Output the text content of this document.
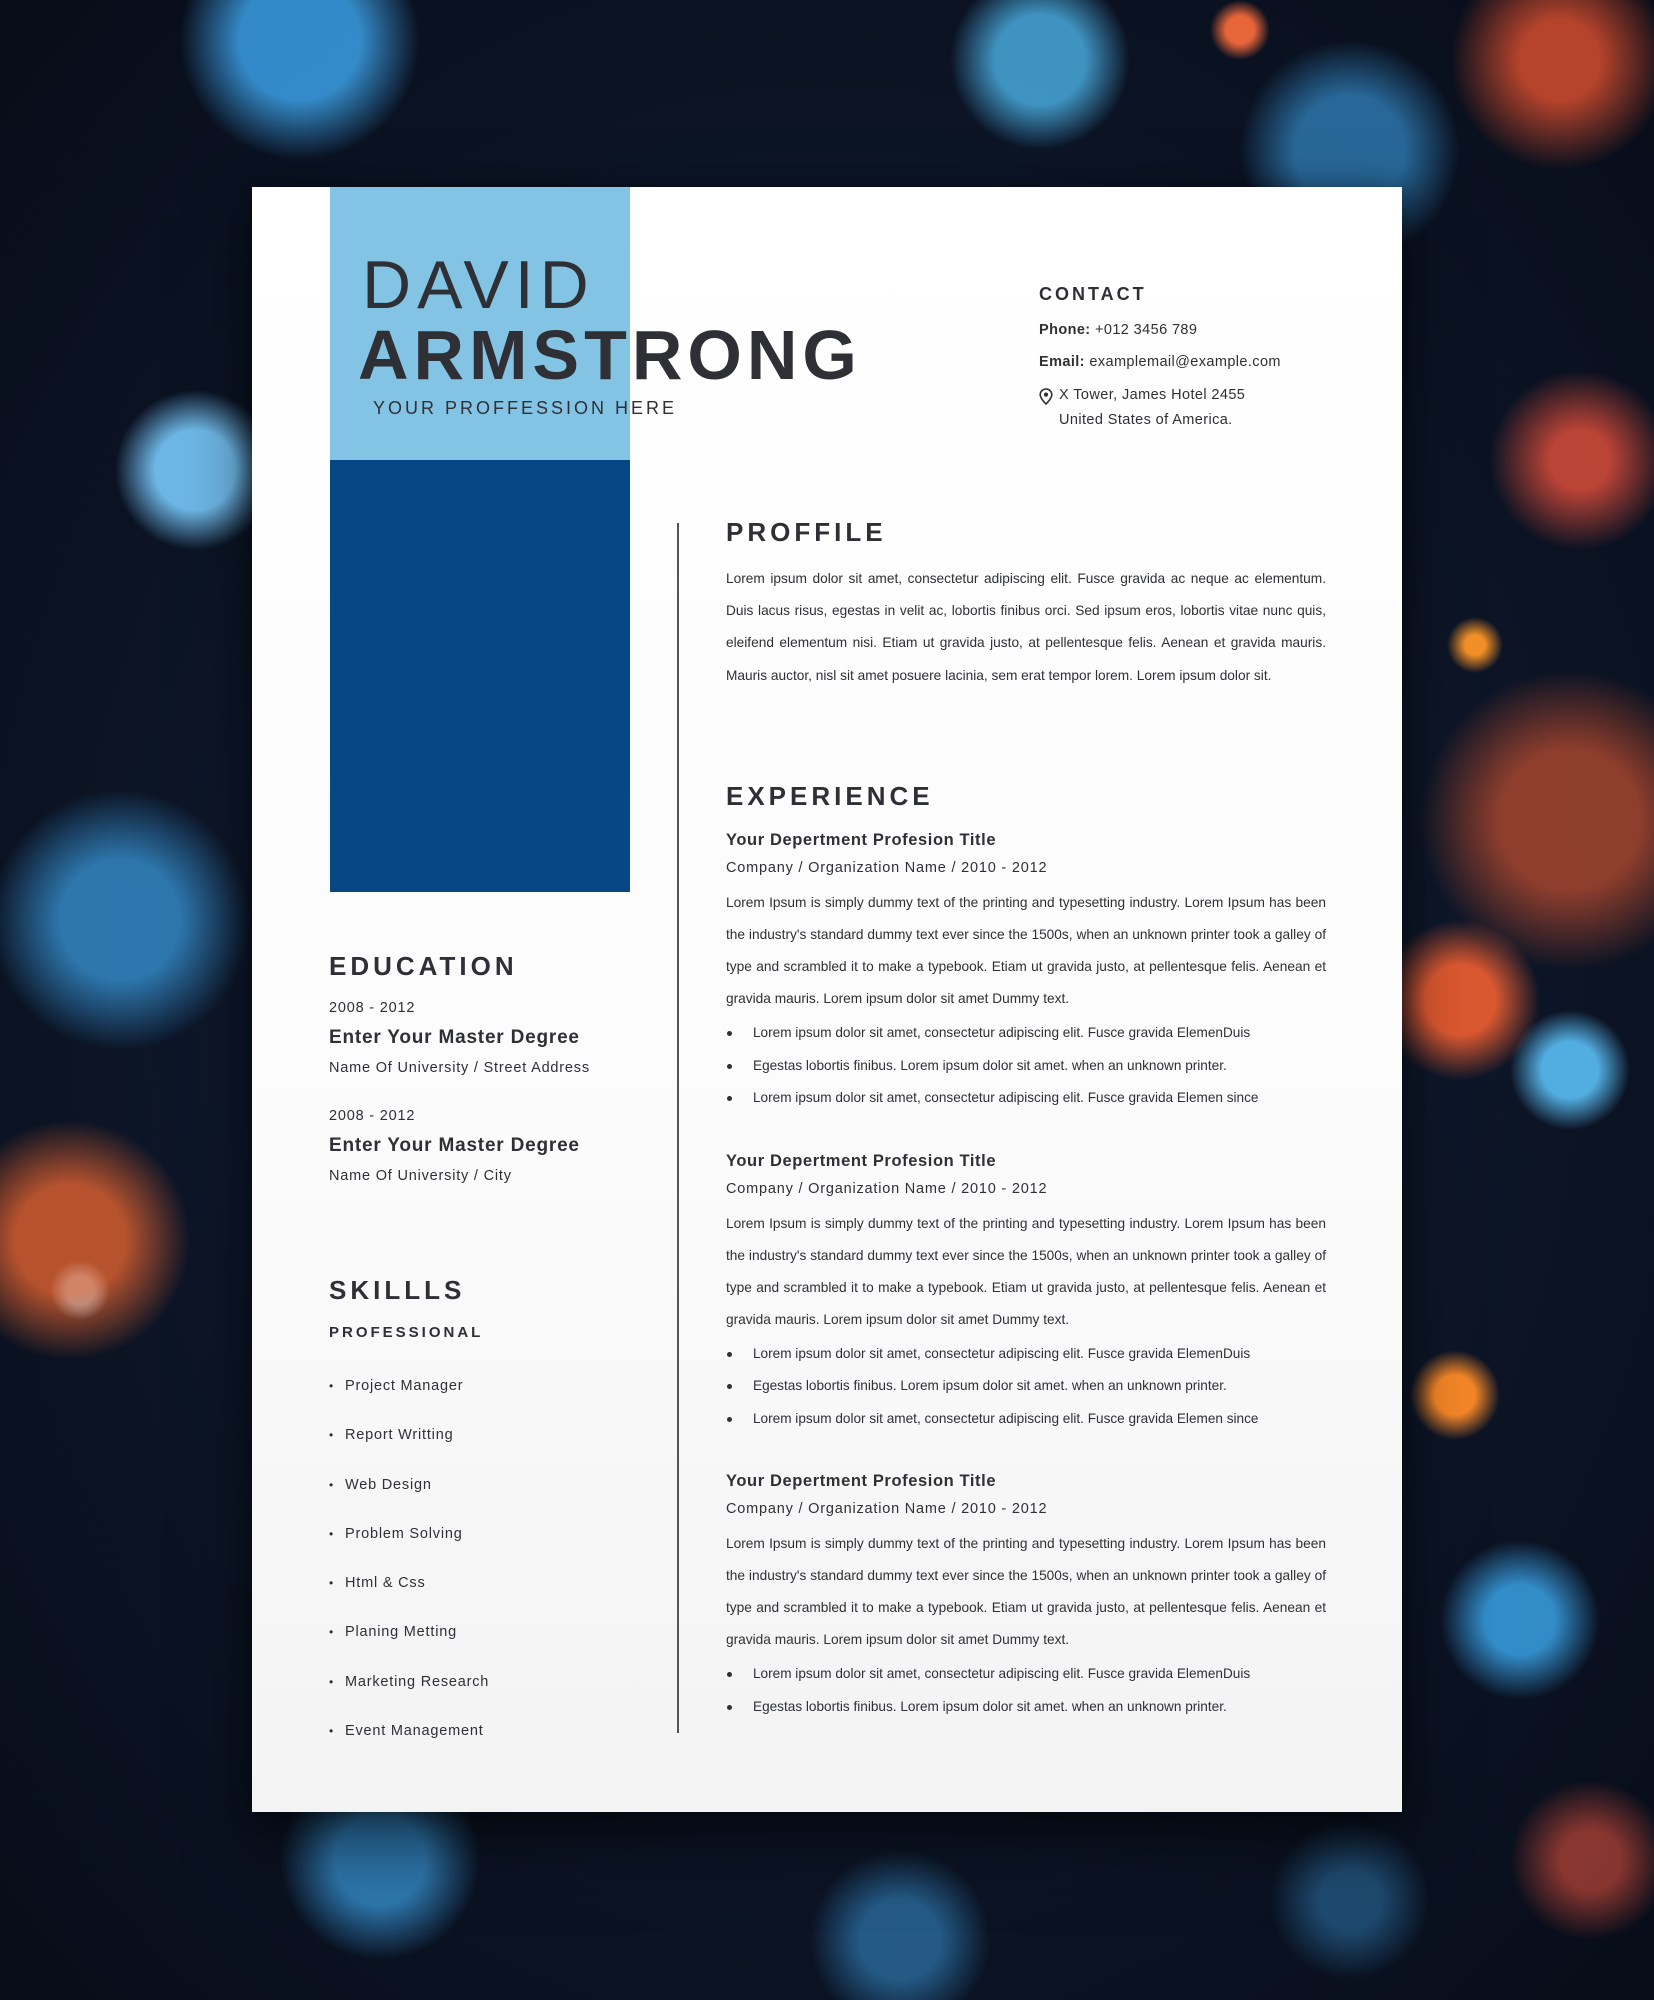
DAVID
ARMSTRONG
YOUR PROFFESSION HERE
CONTACT
Phone: +012 3456 789
Email: examplemail@example.com
X Tower, James Hotel 2455
United States of America.
PROFFILE

Lorem ipsum dolor sit amet, consectetur adipiscing elit. Fusce gravida ac neque ac elementum. Duis lacus risus, egestas in velit ac, lobortis finibus orci. Sed ipsum eros, lobortis vitae nunc quis, eleifend elementum nisi. Etiam ut gravida justo, at pellentesque felis. Aenean et gravida mauris. Mauris auctor, nisl sit amet posuere lacinia, sem erat tempor lorem. Lorem ipsum dolor sit.

EXPERIENCE
Your Depertment Profesion Title
Company / Organization Name / 2010 - 2012

Lorem Ipsum is simply dummy text of the printing and typesetting industry. Lorem Ipsum has been the industry's standard dummy text ever since the 1500s, when an unknown printer took a galley of type and scrambled it to make a typebook. Etiam ut gravida justo, at pellentesque felis. Aenean et gravida mauris. Lorem ipsum dolor sit amet Dummy text.

Lorem ipsum dolor sit amet, consectetur adipiscing elit. Fusce gravida ElemenDuis
Egestas lobortis finibus. Lorem ipsum dolor sit amet. when an unknown printer.
Lorem ipsum dolor sit amet, consectetur adipiscing elit. Fusce gravida Elemen since
Your Depertment Profesion Title
Company / Organization Name / 2010 - 2012

Lorem Ipsum is simply dummy text of the printing and typesetting industry. Lorem Ipsum has been the industry's standard dummy text ever since the 1500s, when an unknown printer took a galley of type and scrambled it to make a typebook. Etiam ut gravida justo, at pellentesque felis. Aenean et gravida mauris. Lorem ipsum dolor sit amet Dummy text.

Lorem ipsum dolor sit amet, consectetur adipiscing elit. Fusce gravida ElemenDuis
Egestas lobortis finibus. Lorem ipsum dolor sit amet. when an unknown printer.
Lorem ipsum dolor sit amet, consectetur adipiscing elit. Fusce gravida Elemen since
Your Depertment Profesion Title
Company / Organization Name / 2010 - 2012

Lorem Ipsum is simply dummy text of the printing and typesetting industry. Lorem Ipsum has been the industry's standard dummy text ever since the 1500s, when an unknown printer took a galley of type and scrambled it to make a typebook. Etiam ut gravida justo, at pellentesque felis. Aenean et gravida mauris. Lorem ipsum dolor sit amet Dummy text.

Lorem ipsum dolor sit amet, consectetur adipiscing elit. Fusce gravida ElemenDuis
Egestas lobortis finibus. Lorem ipsum dolor sit amet. when an unknown printer.
EDUCATION
2008 - 2012
Enter Your Master Degree
Name Of University / Street Address
2008 - 2012
Enter Your Master Degree
Name Of University / City
SKILLLS
PROFESSIONAL
• Project Manager
• Report Writting
• Web Design
• Problem Solving
• Html & Css
• Planing Metting
• Marketing Research
• Event Management
